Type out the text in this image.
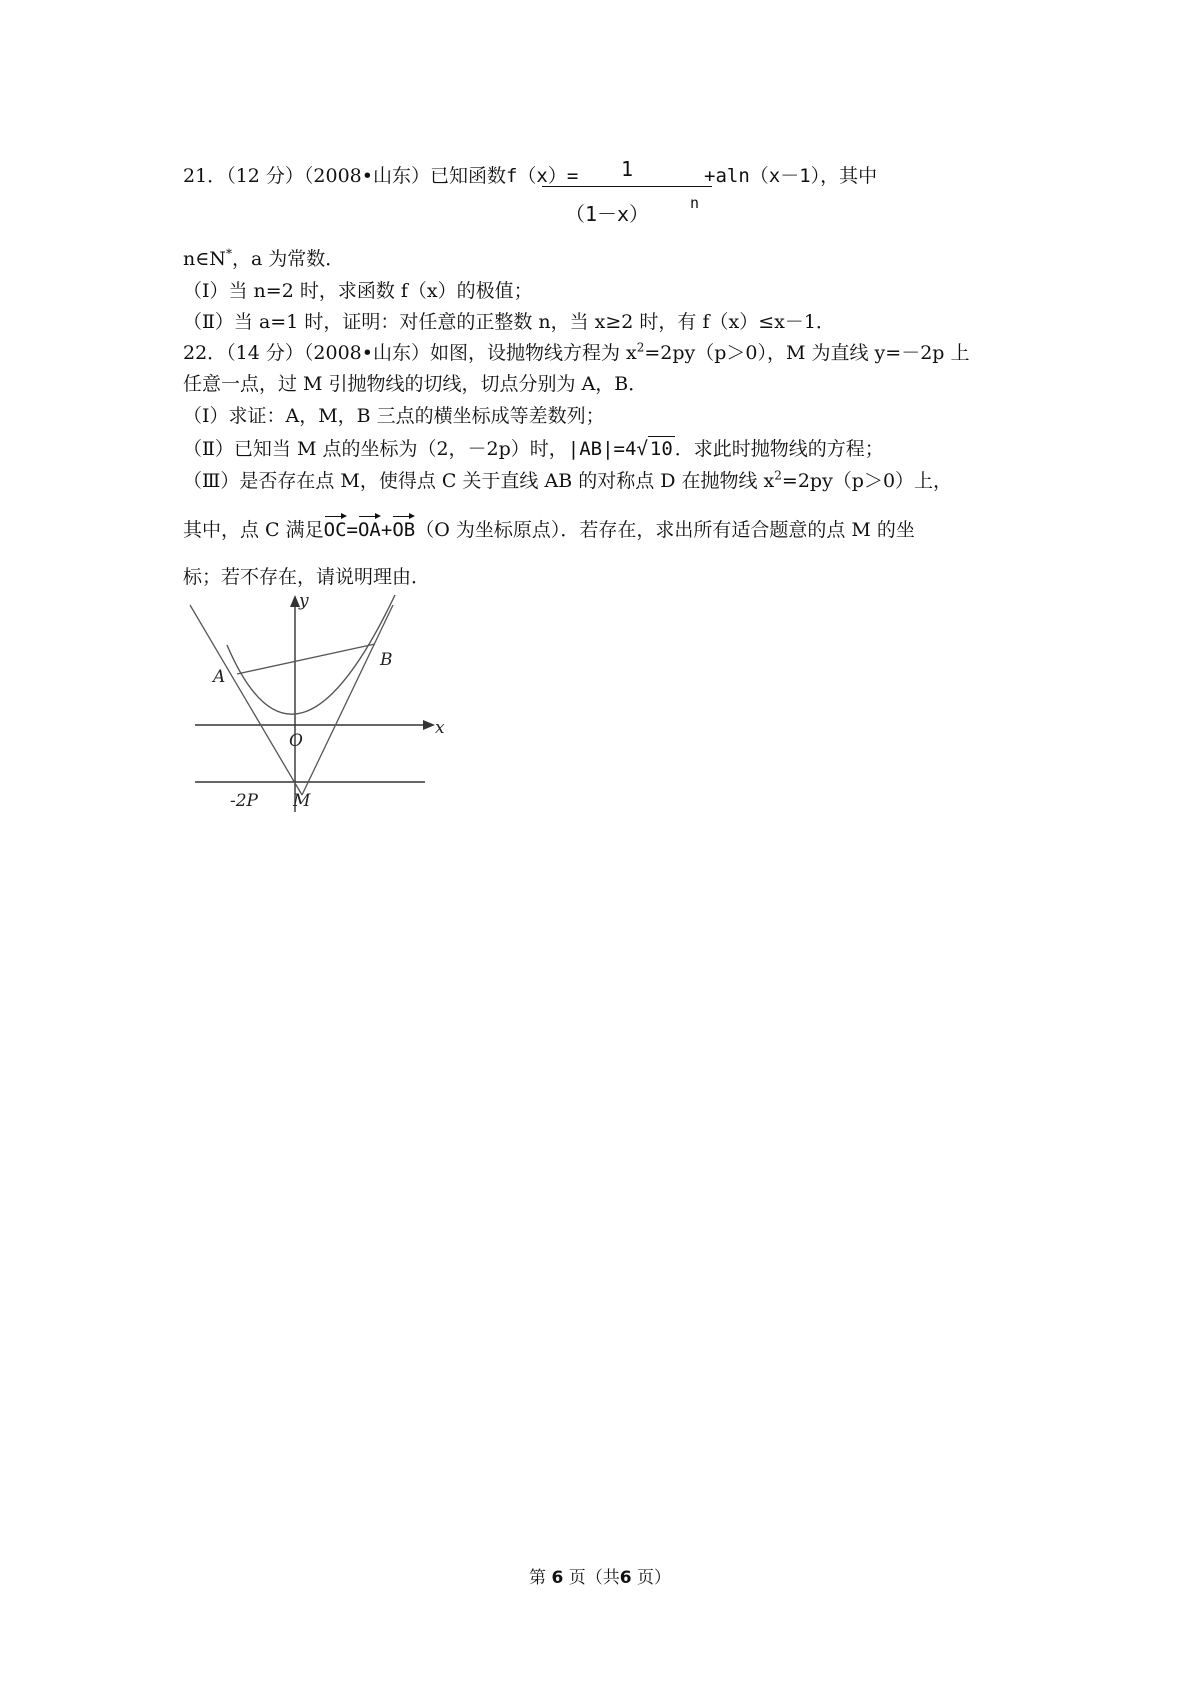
21．（12 分）（2008•山东）已知函数f（x）=	1
（1－x）	n
+aln（x－1），其中
n∈N*，a 为常数．
（Ⅰ）当 n=2 时，求函数 f（x）的极值；
（Ⅱ）当 a=1 时，证明：对任意的正整数 n，当 x≥2 时，有 f（x）≤x－1．
22．（14 分）（2008•山东）如图，设抛物线方程为 $x^2=2py(p>0)$，M 为直线 y=－2p 上
任意一点，过 M 引抛物线的切线，切点分别为 A，B．
（Ⅰ）求证：A，M，B 三点的横坐标成等差数列；
（Ⅱ）已知当 M 点的坐标为（2，－2p）时，|AB|=4√ 10 ．求此时抛物线的方程；
（Ⅲ）是否存在点 M，使得点 C 关于直线 AB 的对称点 D 在抛物线 $x^2=2py(p>0)$上，
其中，点 C 满足OC=OA+OB（O 为坐标原点）．若存在，求出所有适合题意的点 M 的坐
标；若不存在，请说明理由．
y
x
A
B
O
M
-2P
第 6 页（共6 页）
